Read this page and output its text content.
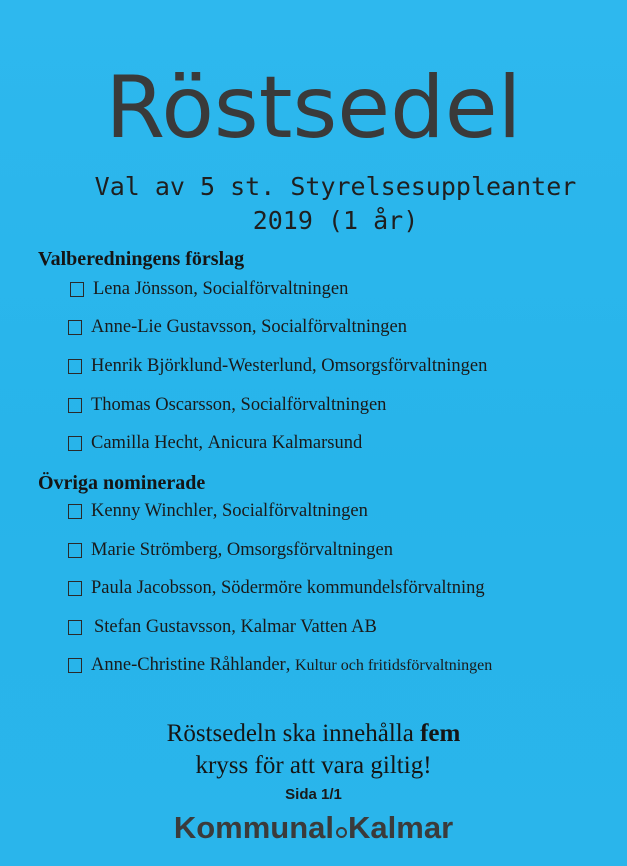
Röstsedel
Val av 5 st. Styrelsesuppleanter
2019 (1 år)
Valberedningens förslag
Lena Jönsson , Socialförvaltningen
Anne-Lie Gustavsson , Socialförvaltningen
Henrik Björklund-Westerlund , Omsorgsförvaltningen
Thomas Oscarsson , Socialförvaltningen
Camilla Hecht , Anicura Kalmarsund
Övriga nominerade
Kenny Winchler , Socialförvaltningen
Marie Strömberg , Omsorgsförvaltningen
Paula Jacobsson , Södermöre kommundelsförvaltning
Stefan Gustavsson , Kalmar Vatten AB
Anne-Christine Råhlander , Kultur och fritidsförvaltningen
Röstsedeln ska innehålla fem
kryss för att vara giltig!
Sida 1/1
Kommunal Kalmar
